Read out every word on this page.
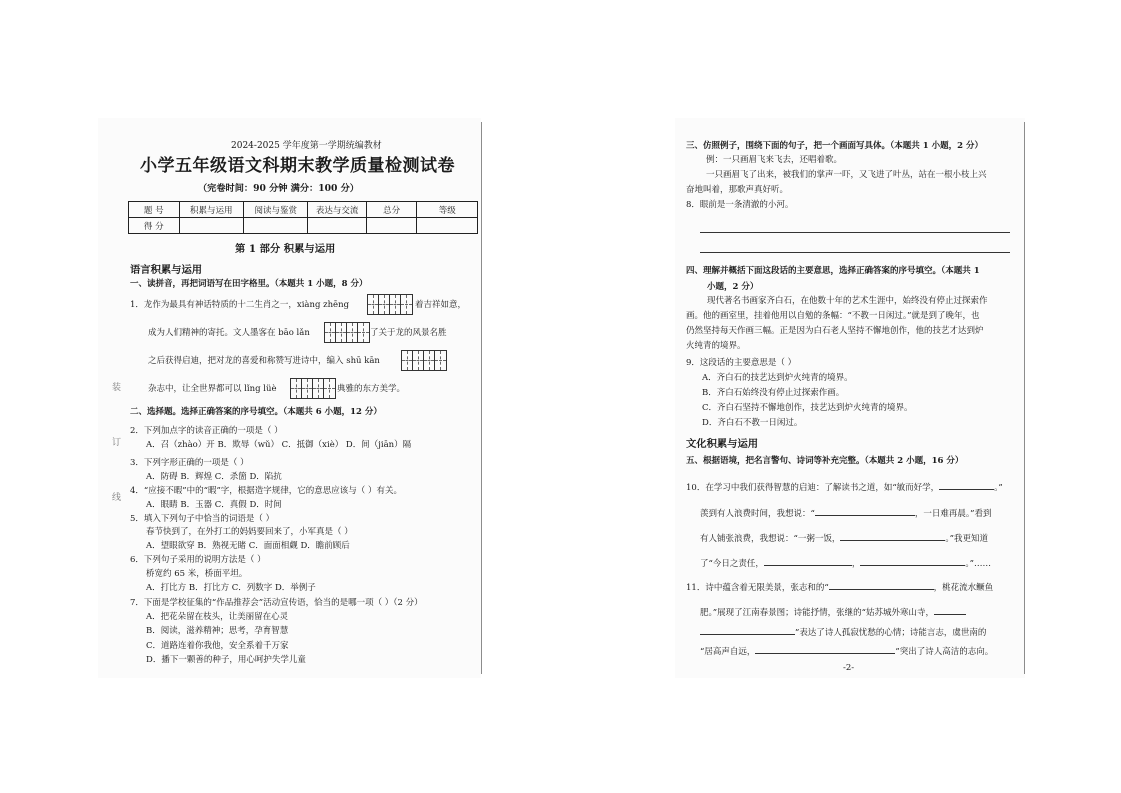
装
订
线
2024-2025 学年度第一学期统编教材
小学五年级语文科期末教学质量检测试卷
（完卷时间：90 分钟 满分：100 分）
题 号	积累与运用	阅读与鉴赏	表达与交流	总分	等级
得 分					
第 1 部分 积累与运用
语言积累与运用
一、读拼音，再把词语写在田字格里。（本题共 1 小题，8 分）
1．龙作为最具有神话特质的十二生肖之一，xiàng zhēng	着吉祥如意，
成为人们精神的寄托。文人墨客在 bāo lǎn	了关于龙的风景名胜
之后获得启迪，把对龙的喜爱和称赞写进诗中，编入 shū kān
杂志中，让全世界都可以 lǐng lüè	典雅的东方美学。
二、选择题。选择正确答案的序号填空。（本题共 6 小题，12 分）
2．下列加点字的读音正确的一项是（ ）
A．召（zhào）开 B．欺辱（wǔ） C．抵御（xiè） D．间（jiān）隔
3．下列字形正确的一项是（ ）
A．防碍 B．辉煌 C．杀箇 D．陷抗
4．“应接不暇”中的“暇”字，根据造字规律，它的意思应该与（ ）有关。
A．眼睛 B．玉器 C．真假 D．时间
5．填入下列句子中恰当的词语是（ ）
春节快到了，在外打工的妈妈要回来了，小军真是（ ）
A．望眼欲穿 B．熟视无睹 C．面面相觑 D．瞻前顾后
6．下列句子采用的说明方法是（ ）
桥宽约 65 米，桥面平坦。
A．打比方 B．打比方 C．列数字 D．举例子
7．下面是学校征集的“作品推荐会”活动宣传语，恰当的是哪一项（ ）（2 分）
A．把花朵留在枝头，让美丽留在心灵
B．阅读，滋养精神；思考，孕育智慧
C．道路连着你我他，安全系着千万家
D．播下一颗善的种子，用心呵护失学儿童
三、仿照例子，围绕下面的句子，把一个画面写具体。（本题共 1 小题，2 分）
例：一只画眉飞来飞去，还唱着歌。
一只画眉飞了出来，被我们的掌声一吓，又飞进了叶丛，站在一根小枝上兴
奋地叫着，那歌声真好听。
8．眼前是一条清澈的小河。
四、理解并概括下面这段话的主要意思，选择正确答案的序号填空。（本题共 1
小题，2 分）
现代著名书画家齐白石，在他数十年的艺术生涯中，始终没有停止过探索作
画。他的画室里，挂着他用以自勉的条幅：“不教一日闲过。”就是到了晚年，也
仍然坚持每天作画三幅。正是因为白石老人坚持不懈地创作，他的技艺才达到炉
火纯青的境界。
9．这段话的主要意思是（ ）
A．齐白石的技艺达到炉火纯青的境界。
B．齐白石始终没有停止过探索作画。
C．齐白石坚持不懈地创作，技艺达到炉火纯青的境界。
D．齐白石不教一日闲过。
文化积累与运用
五、根据语境，把名言警句、诗词等补充完整。（本题共 2 小题，16 分）
10．在学习中我们获得智慧的启迪：了解读书之道，如“敏而好学，	。”
羡到有人浪费时间，我想说：“	，一日难再晨。”看到
有人铺张浪费，我想说：“一粥一饭，	。”我更知道
了“今日之责任，	，	。”……
11．诗中蕴含着无限美景，张志和的“	，桃花流水鳜鱼
肥。”展现了江南春景图；诗能抒情，张继的“姑苏城外寒山寺，
”表达了诗人孤寂忧愁的心情；诗能言志，虞世南的
“居高声自远，	”突出了诗人高洁的志向。
-2-
